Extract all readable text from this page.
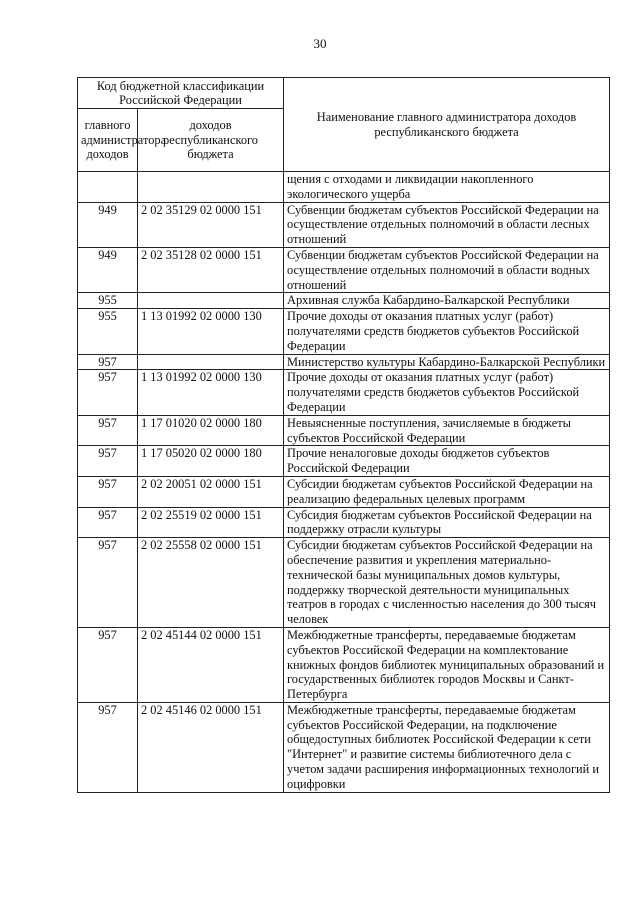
30
Код бюджетной классификации Российской Федерации		Наименование главного администратора доходов республиканского бюджета
главного администратора доходов	доходов республиканского бюджета	
		щения с отходами и ликвидации накопленного экологического ущерба
949	2 02 35129 02 0000 151	Субвенции бюджетам субъектов Российской Федерации на осуществление отдельных полномочий в области лесных отношений
949	2 02 35128 02 0000 151	Субвенции бюджетам субъектов Российской Федерации на осуществление отдельных полномочий в области водных отношений
955		Архивная служба Кабардино-Балкарской Республики
955	1 13 01992 02 0000 130	Прочие доходы от оказания платных услуг (работ) получателями средств бюджетов субъектов Российской Федерации
957		Министерство культуры Кабардино-Балкарской Республики
957	1 13 01992 02 0000 130	Прочие доходы от оказания платных услуг (работ) получателями средств бюджетов субъектов Российской Федерации
957	1 17 01020 02 0000 180	Невыясненные поступления, зачисляемые в бюджеты субъектов Российской Федерации
957	1 17 05020 02 0000 180	Прочие неналоговые доходы бюджетов субъектов Российской Федерации
957	2 02 20051 02 0000 151	Субсидии бюджетам субъектов Российской Федерации на реализацию федеральных целевых программ
957	2 02 25519 02 0000 151	Субсидия бюджетам субъектов Российской Федерации на поддержку отрасли культуры
957	2 02 25558 02 0000 151	Субсидии бюджетам субъектов Российской Федерации на обеспечение развития и укрепления материально-технической базы муниципальных домов культуры, поддержку творческой деятельности муниципальных театров в городах с численностью населения до 300 тысяч человек
957	2 02 45144 02 0000 151	Межбюджетные трансферты, передаваемые бюджетам субъектов Российской Федерации на комплектование книжных фондов библиотек муниципальных образований и государственных библиотек городов Москвы и Санкт-Петербурга
957	2 02 45146 02 0000 151	Межбюджетные трансферты, передаваемые бюджетам субъектов Российской Федерации, на подключение общедоступных библиотек Российской Федерации к сети "Интернет" и развитие системы библиотечного дела с учетом задачи расширения информационных технологий и оцифровки
